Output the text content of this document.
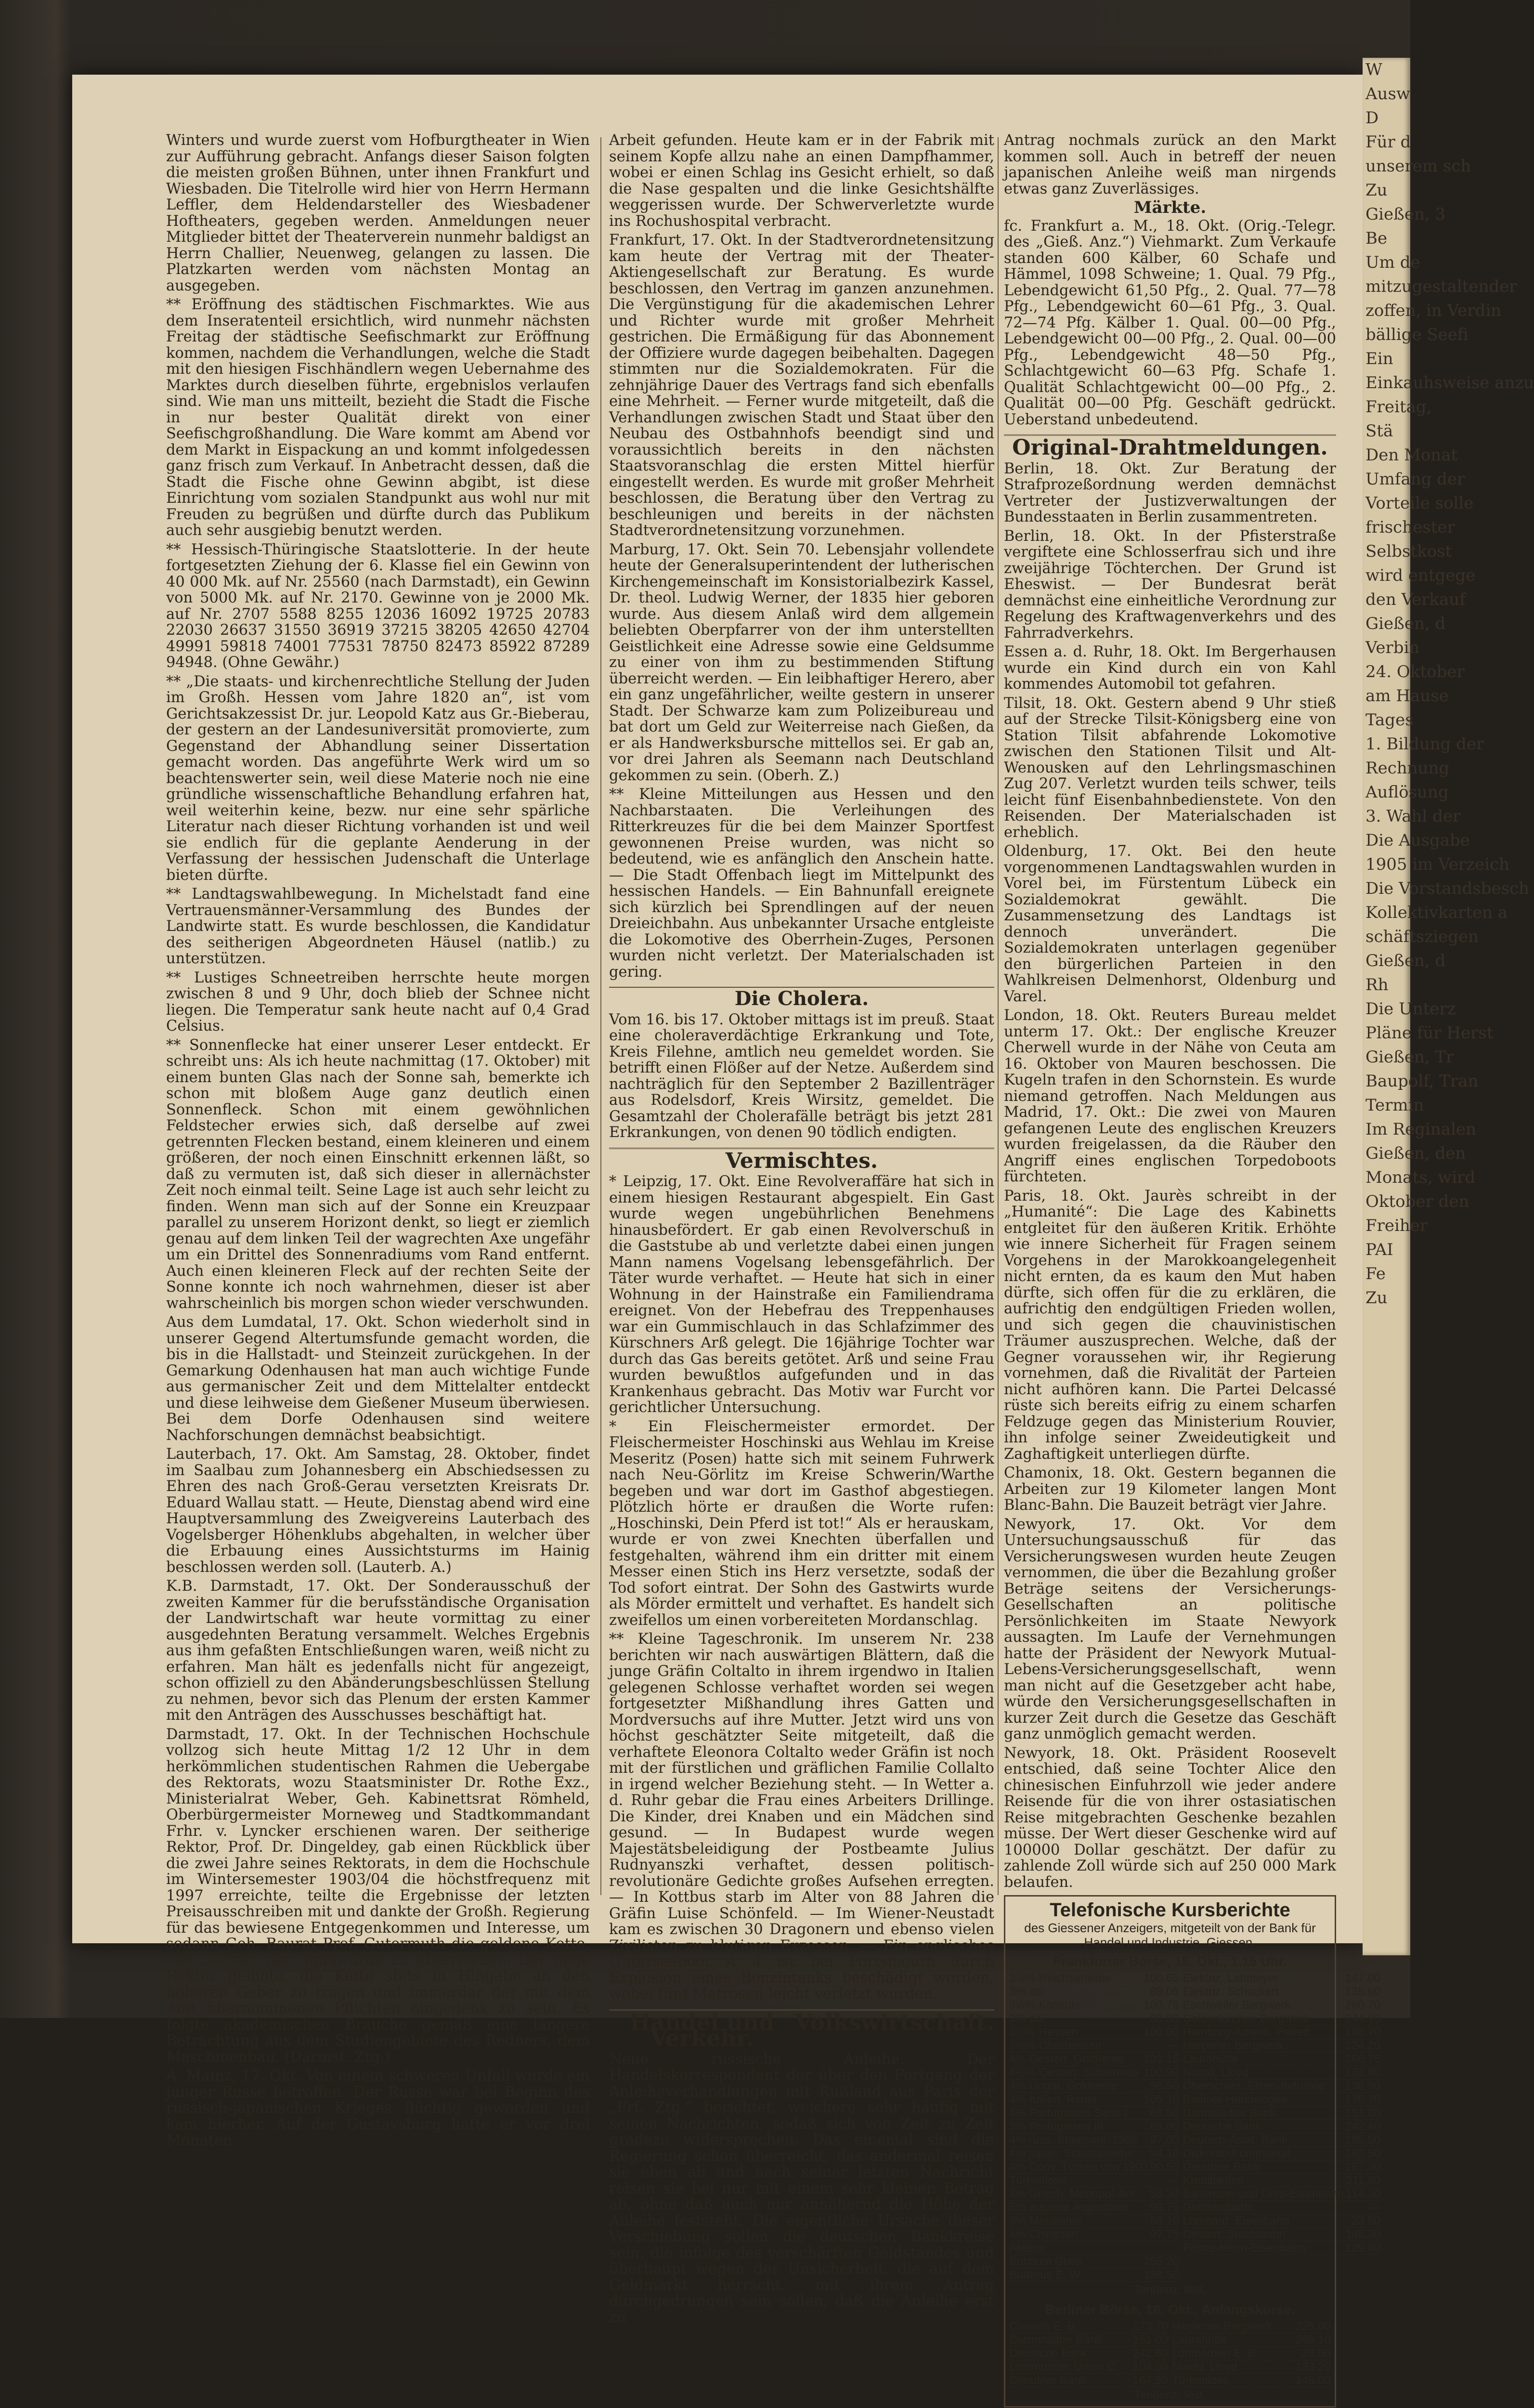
Winters und wurde zuerst vom Hofburgtheater in Wien zur Aufführung gebracht. Anfangs dieser Saison folgten die meisten großen Bühnen, unter ihnen Frankfurt und Wiesbaden. Die Titelrolle wird hier von Herrn Hermann Leffler, dem Heldendarsteller des Wiesbadener Hoftheaters, gegeben werden. Anmeldungen neuer Mitglieder bittet der Theaterverein nunmehr baldigst an Herrn Challier, Neuenweg, gelangen zu lassen. Die Platzkarten werden vom nächsten Montag an ausgegeben.

** Eröffnung des städtischen Fischmarktes. Wie aus dem Inseratenteil ersichtlich, wird nunmehr nächsten Freitag der städtische Seefischmarkt zur Eröffnung kommen, nachdem die Verhandlungen, welche die Stadt mit den hiesigen Fischhändlern wegen Uebernahme des Marktes durch dieselben führte, ergebnislos verlaufen sind. Wie man uns mitteilt, bezieht die Stadt die Fische in nur bester Qualität direkt von einer Seefischgroßhandlung. Die Ware kommt am Abend vor dem Markt in Eispackung an und kommt infolgedessen ganz frisch zum Verkauf. In Anbetracht dessen, daß die Stadt die Fische ohne Gewinn abgibt, ist diese Einrichtung vom sozialen Standpunkt aus wohl nur mit Freuden zu begrüßen und dürfte durch das Publikum auch sehr ausgiebig benutzt werden.

** Hessisch-Thüringische Staatslotterie. In der heute fortgesetzten Ziehung der 6. Klasse fiel ein Gewinn von 40 000 Mk. auf Nr. 25560 (nach Darmstadt), ein Gewinn von 5000 Mk. auf Nr. 2170. Gewinne von je 2000 Mk. auf Nr. 2707 5588 8255 12036 16092 19725 20783 22030 26637 31550 36919 37215 38205 42650 42704 49991 59818 74001 77531 78750 82473 85922 87289 94948. (Ohne Gewähr.)

** „Die staats- und kirchenrechtliche Stellung der Juden im Großh. Hessen vom Jahre 1820 an“, ist vom Gerichtsakzessist Dr. jur. Leopold Katz aus Gr.-Bieberau, der gestern an der Landesuniversität promovierte, zum Gegenstand der Abhandlung seiner Dissertation gemacht worden. Das angeführte Werk wird um so beachtenswerter sein, weil diese Materie noch nie eine gründliche wissenschaftliche Behandlung erfahren hat, weil weiterhin keine, bezw. nur eine sehr spärliche Literatur nach dieser Richtung vorhanden ist und weil sie endlich für die geplante Aenderung in der Verfassung der hessischen Judenschaft die Unterlage bieten dürfte.

** Landtagswahlbewegung. In Michelstadt fand eine Vertrauensmänner-Versammlung des Bundes der Landwirte statt. Es wurde beschlossen, die Kandidatur des seitherigen Abgeordneten Häusel (natlib.) zu unterstützen.

** Lustiges Schneetreiben herrschte heute morgen zwischen 8 und 9 Uhr, doch blieb der Schnee nicht liegen. Die Temperatur sank heute nacht auf 0,4 Grad Celsius.

** Sonnenflecke hat einer unserer Leser entdeckt. Er schreibt uns: Als ich heute nachmittag (17. Oktober) mit einem bunten Glas nach der Sonne sah, bemerkte ich schon mit bloßem Auge ganz deutlich einen Sonnenfleck. Schon mit einem gewöhnlichen Feldstecher erwies sich, daß derselbe auf zwei getrennten Flecken bestand, einem kleineren und einem größeren, der noch einen Einschnitt erkennen läßt, so daß zu vermuten ist, daß sich dieser in allernächster Zeit noch einmal teilt. Seine Lage ist auch sehr leicht zu finden. Wenn man sich auf der Sonne ein Kreuzpaar parallel zu unserem Horizont denkt, so liegt er ziemlich genau auf dem linken Teil der wagrechten Axe ungefähr um ein Drittel des Sonnenradiums vom Rand entfernt. Auch einen kleineren Fleck auf der rechten Seite der Sonne konnte ich noch wahrnehmen, dieser ist aber wahrscheinlich bis morgen schon wieder verschwunden.

Aus dem Lumdatal, 17. Okt. Schon wiederholt sind in unserer Gegend Altertumsfunde gemacht worden, die bis in die Hallstadt- und Steinzeit zurückgehen. In der Gemarkung Odenhausen hat man auch wichtige Funde aus germanischer Zeit und dem Mittelalter entdeckt und diese leihweise dem Gießener Museum überwiesen. Bei dem Dorfe Odenhausen sind weitere Nachforschungen demnächst beabsichtigt.

Lauterbach, 17. Okt. Am Samstag, 28. Oktober, findet im Saalbau zum Johannesberg ein Abschiedsessen zu Ehren des nach Groß-Gerau versetzten Kreisrats Dr. Eduard Wallau statt. — Heute, Dienstag abend wird eine Hauptversammlung des Zweigvereins Lauterbach des Vogelsberger Höhenklubs abgehalten, in welcher über die Erbauung eines Aussichtsturms im Hainig beschlossen werden soll. (Lauterb. A.)

K.B. Darmstadt, 17. Okt. Der Sonderausschuß der zweiten Kammer für die berufsständische Organisation der Landwirtschaft war heute vormittag zu einer ausgedehnten Beratung versammelt. Welches Ergebnis aus ihm gefaßten Entschließungen waren, weiß nicht zu erfahren. Man hält es jedenfalls nicht für angezeigt, schon offiziell zu den Abänderungsbeschlüssen Stellung zu nehmen, bevor sich das Plenum der ersten Kammer mit den Anträgen des Ausschusses beschäftigt hat.

Darmstadt, 17. Okt. In der Technischen Hochschule vollzog sich heute Mittag 1/2 12 Uhr in dem herkömmlichen studentischen Rahmen die Uebergabe des Rektorats, wozu Staatsminister Dr. Rothe Exz., Ministerialrat Weber, Geh. Kabinettsrat Römheld, Oberbürgermeister Morneweg und Stadtkommandant Frhr. v. Lyncker erschienen waren. Der seitherige Rektor, Prof. Dr. Dingeldey, gab einen Rückblick über die zwei Jahre seines Rektorats, in dem die Hochschule im Wintersemester 1903/04 die höchstfrequenz mit 1997 erreichte, teilte die Ergebnisse der letzten Preisausschreiben mit und dankte der Großh. Regierung für das bewiesene Entgegenkommen und Interesse, um sodann Geh. Baurat Prof. Gutermuth die goldene Kette, das Zeichen der Amtswürde zu überreichen. Der neue Rektor gelobte, die Kette stets in Hingabe an den höheren Geber zu tragen und immerdar der mit dem Amt übernommenen Pflichten eingedenk zu sein. Es folgte akademischen Brauche gemäß eine längere Betrachtung aus dem Studiengebiete des Redners, dem Maschinenbau. (Darmst. Ztg.)

A. Mainz, 17. Okt. Von einem schweren Unfall wurde ein junger Russe betroffen. Der Russe war bei Beginn des russisch-japanischen Krieges flüchtig geworden und kam hierher. Auf der Gustavsburg hatte er vor drei Monaten

Arbeit gefunden. Heute kam er in der Fabrik mit seinem Kopfe allzu nahe an einen Dampfhammer, wobei er einen Schlag ins Gesicht erhielt, so daß die Nase gespalten und die linke Gesichtshälfte weggerissen wurde. Der Schwerverletzte wurde ins Rochushospital verbracht.

Frankfurt, 17. Okt. In der Stadtverordnetensitzung kam heute der Vertrag mit der Theater-Aktiengesellschaft zur Beratung. Es wurde beschlossen, den Vertrag im ganzen anzunehmen. Die Vergünstigung für die akademischen Lehrer und Richter wurde mit großer Mehrheit gestrichen. Die Ermäßigung für das Abonnement der Offiziere wurde dagegen beibehalten. Dagegen stimmten nur die Sozialdemokraten. Für die zehnjährige Dauer des Vertrags fand sich ebenfalls eine Mehrheit. — Ferner wurde mitgeteilt, daß die Verhandlungen zwischen Stadt und Staat über den Neubau des Ostbahnhofs beendigt sind und voraussichtlich bereits in den nächsten Staatsvoranschlag die ersten Mittel hierfür eingestellt werden. Es wurde mit großer Mehrheit beschlossen, die Beratung über den Vertrag zu beschleunigen und bereits in der nächsten Stadtverordnetensitzung vorzunehmen.

Marburg, 17. Okt. Sein 70. Lebensjahr vollendete heute der Generalsuperintendent der lutherischen Kirchengemeinschaft im Konsistorialbezirk Kassel, Dr. theol. Ludwig Werner, der 1835 hier geboren wurde. Aus diesem Anlaß wird dem allgemein beliebten Oberpfarrer von der ihm unterstellten Geistlichkeit eine Adresse sowie eine Geldsumme zu einer von ihm zu bestimmenden Stiftung überreicht werden. — Ein leibhaftiger Herero, aber ein ganz ungefährlicher, weilte gestern in unserer Stadt. Der Schwarze kam zum Polizeibureau und bat dort um Geld zur Weiterreise nach Gießen, da er als Handwerksbursche mittellos sei. Er gab an, vor drei Jahren als Seemann nach Deutschland gekommen zu sein. (Oberh. Z.)

** Kleine Mitteilungen aus Hessen und den Nachbarstaaten. Die Verleihungen des Ritterkreuzes für die bei dem Mainzer Sportfest gewonnenen Preise wurden, was nicht so bedeutend, wie es anfänglich den Anschein hatte. — Die Stadt Offenbach liegt im Mittelpunkt des hessischen Handels. — Ein Bahnunfall ereignete sich kürzlich bei Sprendlingen auf der neuen Dreieichbahn. Aus unbekannter Ursache entgleiste die Lokomotive des Oberrhein-Zuges, Personen wurden nicht verletzt. Der Materialschaden ist gering.

Die Cholera.

Vom 16. bis 17. Oktober mittags ist im preuß. Staat eine choleraverdächtige Erkrankung und Tote, Kreis Filehne, amtlich neu gemeldet worden. Sie betrifft einen Flößer auf der Netze. Außerdem sind nachträglich für den September 2 Bazillenträger aus Rodelsdorf, Kreis Wirsitz, gemeldet. Die Gesamtzahl der Cholerafälle beträgt bis jetzt 281 Erkrankungen, von denen 90 tödlich endigten.

Vermischtes.

* Leipzig, 17. Okt. Eine Revolveraffäre hat sich in einem hiesigen Restaurant abgespielt. Ein Gast wurde wegen ungebührlichen Benehmens hinausbefördert. Er gab einen Revolverschuß in die Gaststube ab und verletzte dabei einen jungen Mann namens Vogelsang lebensgefährlich. Der Täter wurde verhaftet. — Heute hat sich in einer Wohnung in der Hainstraße ein Familiendrama ereignet. Von der Hebefrau des Treppenhauses war ein Gummischlauch in das Schlafzimmer des Kürschners Arß gelegt. Die 16jährige Tochter war durch das Gas bereits getötet. Arß und seine Frau wurden bewußtlos aufgefunden und in das Krankenhaus gebracht. Das Motiv war Furcht vor gerichtlicher Untersuchung.

* Ein Fleischermeister ermordet. Der Fleischermeister Hoschinski aus Wehlau im Kreise Meseritz (Posen) hatte sich mit seinem Fuhrwerk nach Neu-Görlitz im Kreise Schwerin/Warthe begeben und war dort im Gasthof abgestiegen. Plötzlich hörte er draußen die Worte rufen: „Hoschinski, Dein Pferd ist tot!“ Als er herauskam, wurde er von zwei Knechten überfallen und festgehalten, während ihm ein dritter mit einem Messer einen Stich ins Herz versetzte, sodaß der Tod sofort eintrat. Der Sohn des Gastwirts wurde als Mörder ermittelt und verhaftet. Es handelt sich zweifellos um einen vorbereiteten Mordanschlag.

** Kleine Tageschronik. Im unserem Nr. 238 berichten wir nach auswärtigen Blättern, daß die junge Gräfin Coltalto in ihrem irgendwo in Italien gelegenen Schlosse verhaftet worden sei wegen fortgesetzter Mißhandlung ihres Gatten und Mordversuchs auf ihre Mutter. Jetzt wird uns von höchst geschätzter Seite mitgeteilt, daß die verhaftete Eleonora Coltalto weder Gräfin ist noch mit der fürstlichen und gräflichen Familie Collalto in irgend welcher Beziehung steht. — In Wetter a. d. Ruhr gebar die Frau eines Arbeiters Drillinge. Die Kinder, drei Knaben und ein Mädchen sind gesund. — In Budapest wurde wegen Majestätsbeleidigung der Postbeamte Julius Rudnyanszki verhaftet, dessen politisch-revolutionäre Gedichte großes Aufsehen erregten. — In Kottbus starb im Alter von 88 Jahren die Gräfin Luise Schönfeld. — Im Wiener-Neustadt kam es zwischen 30 Dragonern und ebenso vielen Zivilisten zu blutigen Exzessen. — Ein englisches Unterseeboot A 4 ist bei Portsmouth durch Explosion eines Benzintanks beschädigt worden, wobei fünf Matrosen leicht verletzt wurden.

Handel und Verkehr.
Volkswirtschaft.

Neue russische Anleihe. Der Handelskorrespondent der über den Fortgang der Anleiheverhandlungen mit Rußland aus Paris der „Frf. Ztg.“ berichtet, weichere sehr häufig mit seinen Nachrichten, sodaß sich von Zeit zu Zeit gradezu widersprechen. Das einemal sind die Regierung schon überreicht, das andermal reisen sie eben ab und nach seiner letzten Nachricht reisen sie bei nur mit einem sehr kleinen Betrag ab, ohne daß auch nur annähernd die Höhe der Anleihe feststeht. Die eigentliche Ursache dieser Verschiebung sollen die deutschen Bankkreise sein, die infolge des verschärften Geldstandes und überhaupt wegen der Unsicherheit, die auf dem Geldmarkt herrscht, mit ihrem Antrag durchgedrungen sein sollen, daß die Anleihe erst zu

Antrag nochmals zurück an den Markt kommen soll. Auch in betreff der neuen japanischen Anleihe weiß man nirgends etwas ganz Zuverlässiges.

Märkte.

fc. Frankfurt a. M., 18. Okt. (Orig.-Telegr. des „Gieß. Anz.“) Viehmarkt. Zum Verkaufe standen 600 Kälber, 60 Schafe und Hämmel, 1098 Schweine; 1. Qual. 79 Pfg., Lebendgewicht 61,50 Pfg., 2. Qual. 77—78 Pfg., Lebendgewicht 60—61 Pfg., 3. Qual. 72—74 Pfg. Kälber 1. Qual. 00—00 Pfg., Lebendgewicht 00—00 Pfg., 2. Qual. 00—00 Pfg., Lebendgewicht 48—50 Pfg., Schlachtgewicht 60—63 Pfg. Schafe 1. Qualität Schlachtgewicht 00—00 Pfg., 2. Qualität 00—00 Pfg. Geschäft gedrückt. Ueberstand unbedeutend.

Original-Drahtmeldungen.

Berlin, 18. Okt. Zur Beratung der Strafprozeßordnung werden demnächst Vertreter der Justizverwaltungen der Bundesstaaten in Berlin zusammentreten.

Berlin, 18. Okt. In der Pfisterstraße vergiftete eine Schlosserfrau sich und ihre zweijährige Töchterchen. Der Grund ist Eheswist. — Der Bundesrat berät demnächst eine einheitliche Verordnung zur Regelung des Kraftwagenverkehrs und des Fahrradverkehrs.

Essen a. d. Ruhr, 18. Okt. Im Bergerhausen wurde ein Kind durch ein von Kahl kommendes Automobil tot gefahren.

Tilsit, 18. Okt. Gestern abend 9 Uhr stieß auf der Strecke Tilsit-Königsberg eine von Station Tilsit abfahrende Lokomotive zwischen den Stationen Tilsit und Alt-Wenousken auf den Lehrlingsmaschinen Zug 207. Verletzt wurden teils schwer, teils leicht fünf Eisenbahnbedienstete. Von den Reisenden. Der Materialschaden ist erheblich.

Oldenburg, 17. Okt. Bei den heute vorgenommenen Landtagswahlen wurden in Vorel bei, im Fürstentum Lübeck ein Sozialdemokrat gewählt. Die Zusammensetzung des Landtags ist dennoch unverändert. Die Sozialdemokraten unterlagen gegenüber den bürgerlichen Parteien in den Wahlkreisen Delmenhorst, Oldenburg und Varel.

London, 18. Okt. Reuters Bureau meldet unterm 17. Okt.: Der englische Kreuzer Cherwell wurde in der Nähe von Ceuta am 16. Oktober von Mauren beschossen. Die Kugeln trafen in den Schornstein. Es wurde niemand getroffen. Nach Meldungen aus Madrid, 17. Okt.: Die zwei von Mauren gefangenen Leute des englischen Kreuzers wurden freigelassen, da die Räuber den Angriff eines englischen Torpedoboots fürchteten.

Paris, 18. Okt. Jaurès schreibt in der „Humanité“: Die Lage des Kabinetts entgleitet für den äußeren Kritik. Erhöhte wie innere Sicherheit für Fragen seinem Vorgehens in der Marokkoangelegenheit nicht ernten, da es kaum den Mut haben dürfte, sich offen für die zu erklären, die aufrichtig den endgültigen Frieden wollen, und sich gegen die chauvinistischen Träumer auszusprechen. Welche, daß der Gegner voraussehen wir, ihr Regierung vornehmen, daß die Rivalität der Parteien nicht aufhören kann. Die Partei Delcassé rüste sich bereits eifrig zu einem scharfen Feldzuge gegen das Ministerium Rouvier, ihn infolge seiner Zweideutigkeit und Zaghaftigkeit unterliegen dürfte.

Chamonix, 18. Okt. Gestern begannen die Arbeiten zur 19 Kilometer langen Mont Blanc-Bahn. Die Bauzeit beträgt vier Jahre.

Newyork, 17. Okt. Vor dem Untersuchungsausschuß für das Versicherungswesen wurden heute Zeugen vernommen, die über die Bezahlung großer Beträge seitens der Versicherungs-Gesellschaften an politische Persönlichkeiten im Staate Newyork aussagten. Im Laufe der Vernehmungen hatte der Präsident der Newyork Mutual-Lebens-Versicherungsgesellschaft, wenn man nicht auf die Gesetzgeber acht habe, würde den Versicherungsgesellschaften in kurzer Zeit durch die Gesetze das Geschäft ganz unmöglich gemacht werden.

Newyork, 18. Okt. Präsident Roosevelt entschied, daß seine Tochter Alice den chinesischen Einfuhrzoll wie jeder andere Reisende für die von ihrer ostasiatischen Reise mitgebrachten Geschenke bezahlen müsse. Der Wert dieser Geschenke wird auf 100000 Dollar geschätzt. Der dafür zu zahlende Zoll würde sich auf 250 000 Mark belaufen.

Telefonische Kursberichte
des Giessener Anzeigers, mitgeteilt von der Bank für Handel und Industrie, Giessen.
Frankfurter Börse, 18. Okt., 1.15 Uhr.
3½% Reichsanleihe	100.65
3% do.	89.05
3½% Konsols	100.75
3% do.	88.80
3½% Hessen	100.00
3½% Oberhessen	—
4% Oesterr. Goldrente 101.15
4½% Oesterr. Silberrente 100.90
4% Ungar. Goldrente	96.50
4% Italien. Rente	105.10
4% Portugiesen Serie I 68.50
3% Portugiesen III	68.00
4% russ. Staatsanl. 1905 97.00
4% japan. Staatsanleihe 94.10
4% Conv. Türken von 1903 90.50
Türkenlose	—
4% Griech. Monopol-Anl. 53.30
5% äussere Argentinier 90.75
3% Mexikaner	68.10
4% Chinesen	97.75
Aktien:
Bochum Guss	255.20
Buderus E. W.	138.50
Elektriz. Lahmeyer	147.00
Elektriz. Schuckert	135.60
Eschweiler Bergwerk	280.70
Gelsenkirchen Bergwerk	244.90
Hamburg-Amerik. Paketf.	168.70
Harpener Bergwerk	224.20
Laurahütte	268.75
Nordd. Lloyd	133.80
Oberschles. Eisen-Industrie 138.50
Berliner Handelsges.	176.70
Darmstädter Bank	151.00
Deutsche Bank	242.40
Deutsch-Asiat. Bank	185.50
Diskonto-Kommandit.	192.50
Dresdner Bank	167.30
Kreditaktien	211.80
Baltimore- und Ohio-Eisenbahn 114.30
Gotthardbahn	—
Lombard. Eisenbahn	23.50
Oesterr. Staatsbahn	145.30
Prince-Henri-Eisenbahn	129.80
Tendenz: fest.
Berliner Börse, 18. Okt., Anfangskurse.
Canada E. B.	173.70
Darmstädter Bank	151.00
Deutsche Bank	242.60
Dortmunder Union C. 104.50
Dresdner Bank	167.50
Harpener Bergwerk 225.00
Laurahütte	269.10
Lombarden E. B.	23.50
Nordd. Lloyd	133.20
Türkenlose	145.00
Tendenz: fest.

W
Ausw
D
Für d
unserem sch
Zu
Gießen, 3
Be
Um de
mitzugestaltender
zoffen, in Verdin
bällige Seefi
Ein
Einkauhsweise anzu
Freitag,
Stä
Den Monat
Umfang der
Vorteile solle
frischester
Selbstkost
wird entgege
den Verkauf
Gießen, d
Verbin
24. Oktober
am Hause
Tages
1. Bildung der
Rechnung
Auflösung
3. Wahl der
Die Ausgabe
1905 im Verzeich
Die Vorstandsbesch
Kollektivkarten a
schäftsziegen
Gießen, d
Rh
Die Unterz
Pläne für Herst
Gießen, Tr
Baupolf, Tran
Termin
Im Reginalen
Gießen, den
Monats, wird
Oktober den
Freiher
PAI
Fe
Zu
